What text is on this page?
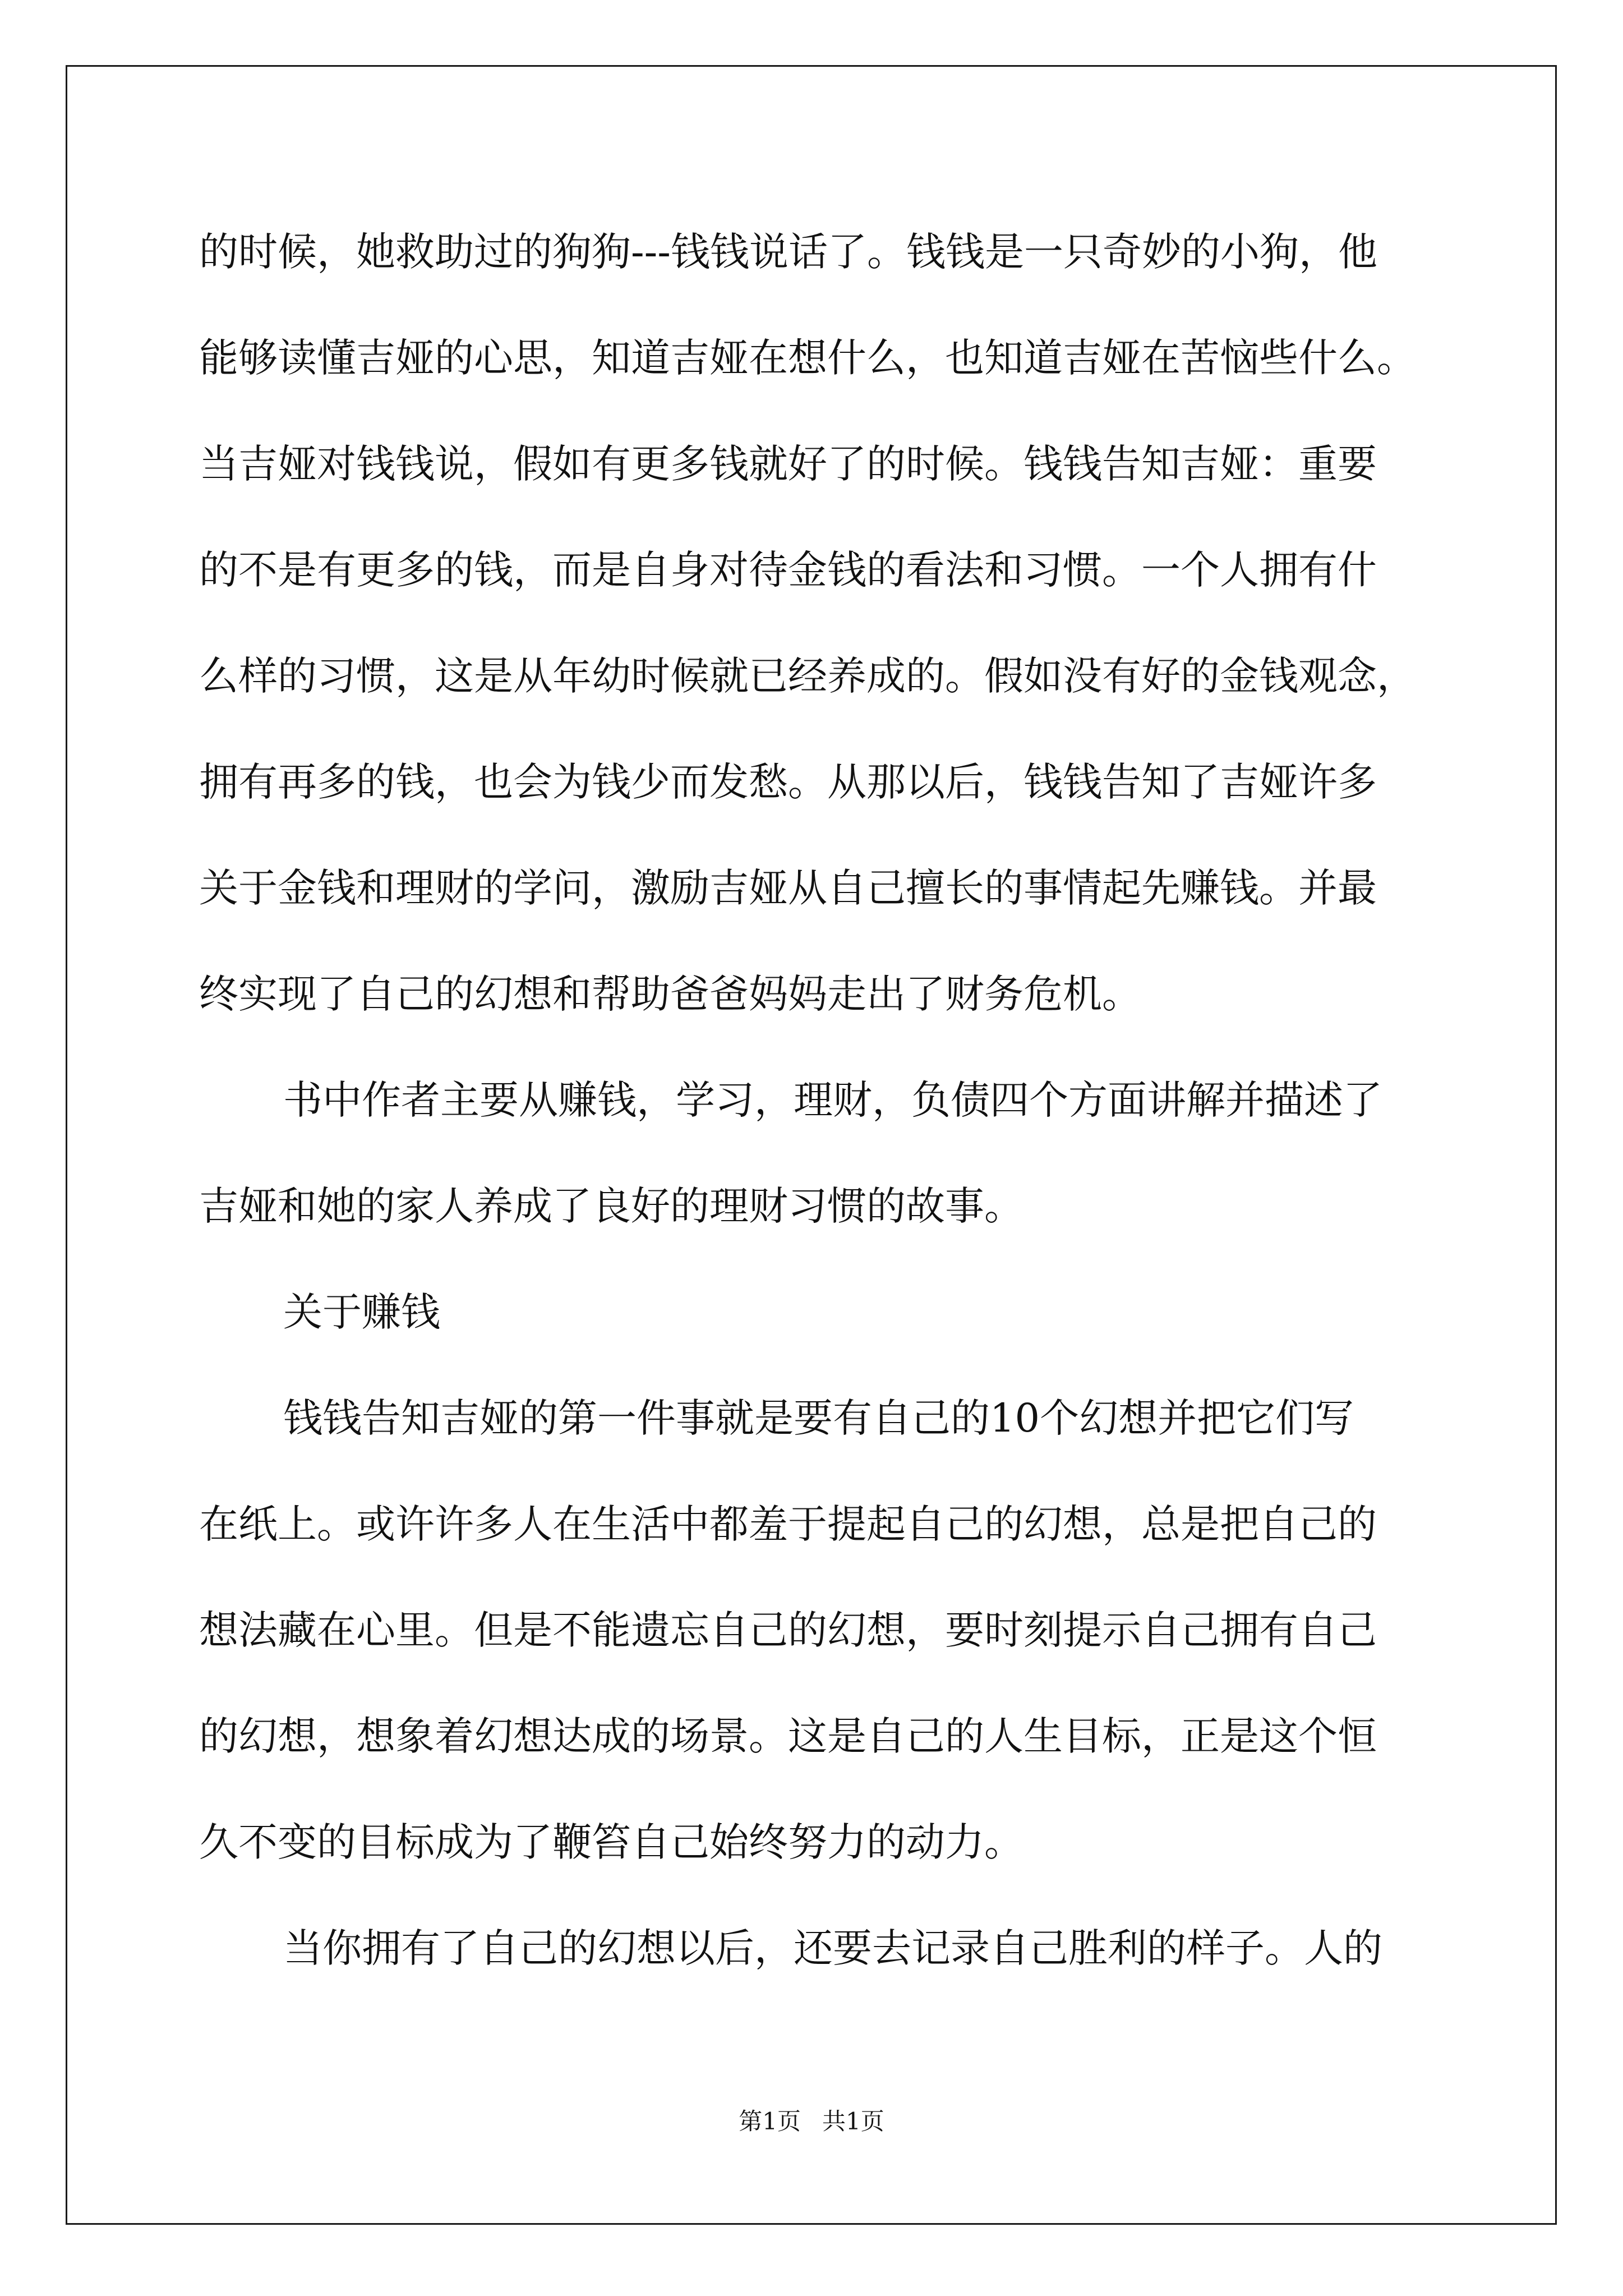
的时候，她救助过的狗狗---钱钱说话了。钱钱是一只奇妙的小狗，他

能够读懂吉娅的心思，知道吉娅在想什么，也知道吉娅在苦恼些什么。

当吉娅对钱钱说，假如有更多钱就好了的时候。钱钱告知吉娅：重要

的不是有更多的钱，而是自身对待金钱的看法和习惯。一个人拥有什

么样的习惯，这是从年幼时候就已经养成的。假如没有好的金钱观念，

拥有再多的钱，也会为钱少而发愁。从那以后，钱钱告知了吉娅许多

关于金钱和理财的学问，激励吉娅从自己擅长的事情起先赚钱。并最

终实现了自己的幻想和帮助爸爸妈妈走出了财务危机。

书中作者主要从赚钱，学习，理财，负债四个方面讲解并描述了

吉娅和她的家人养成了良好的理财习惯的故事。

关于赚钱

钱钱告知吉娅的第一件事就是要有自己的10个幻想并把它们写

在纸上。或许许多人在生活中都羞于提起自己的幻想，总是把自己的

想法藏在心里。但是不能遗忘自己的幻想，要时刻提示自己拥有自己

的幻想，想象着幻想达成的场景。这是自己的人生目标，正是这个恒

久不变的目标成为了鞭笞自己始终努力的动力。

当你拥有了自己的幻想以后，还要去记录自己胜利的样子。人的

第1页 共1页
